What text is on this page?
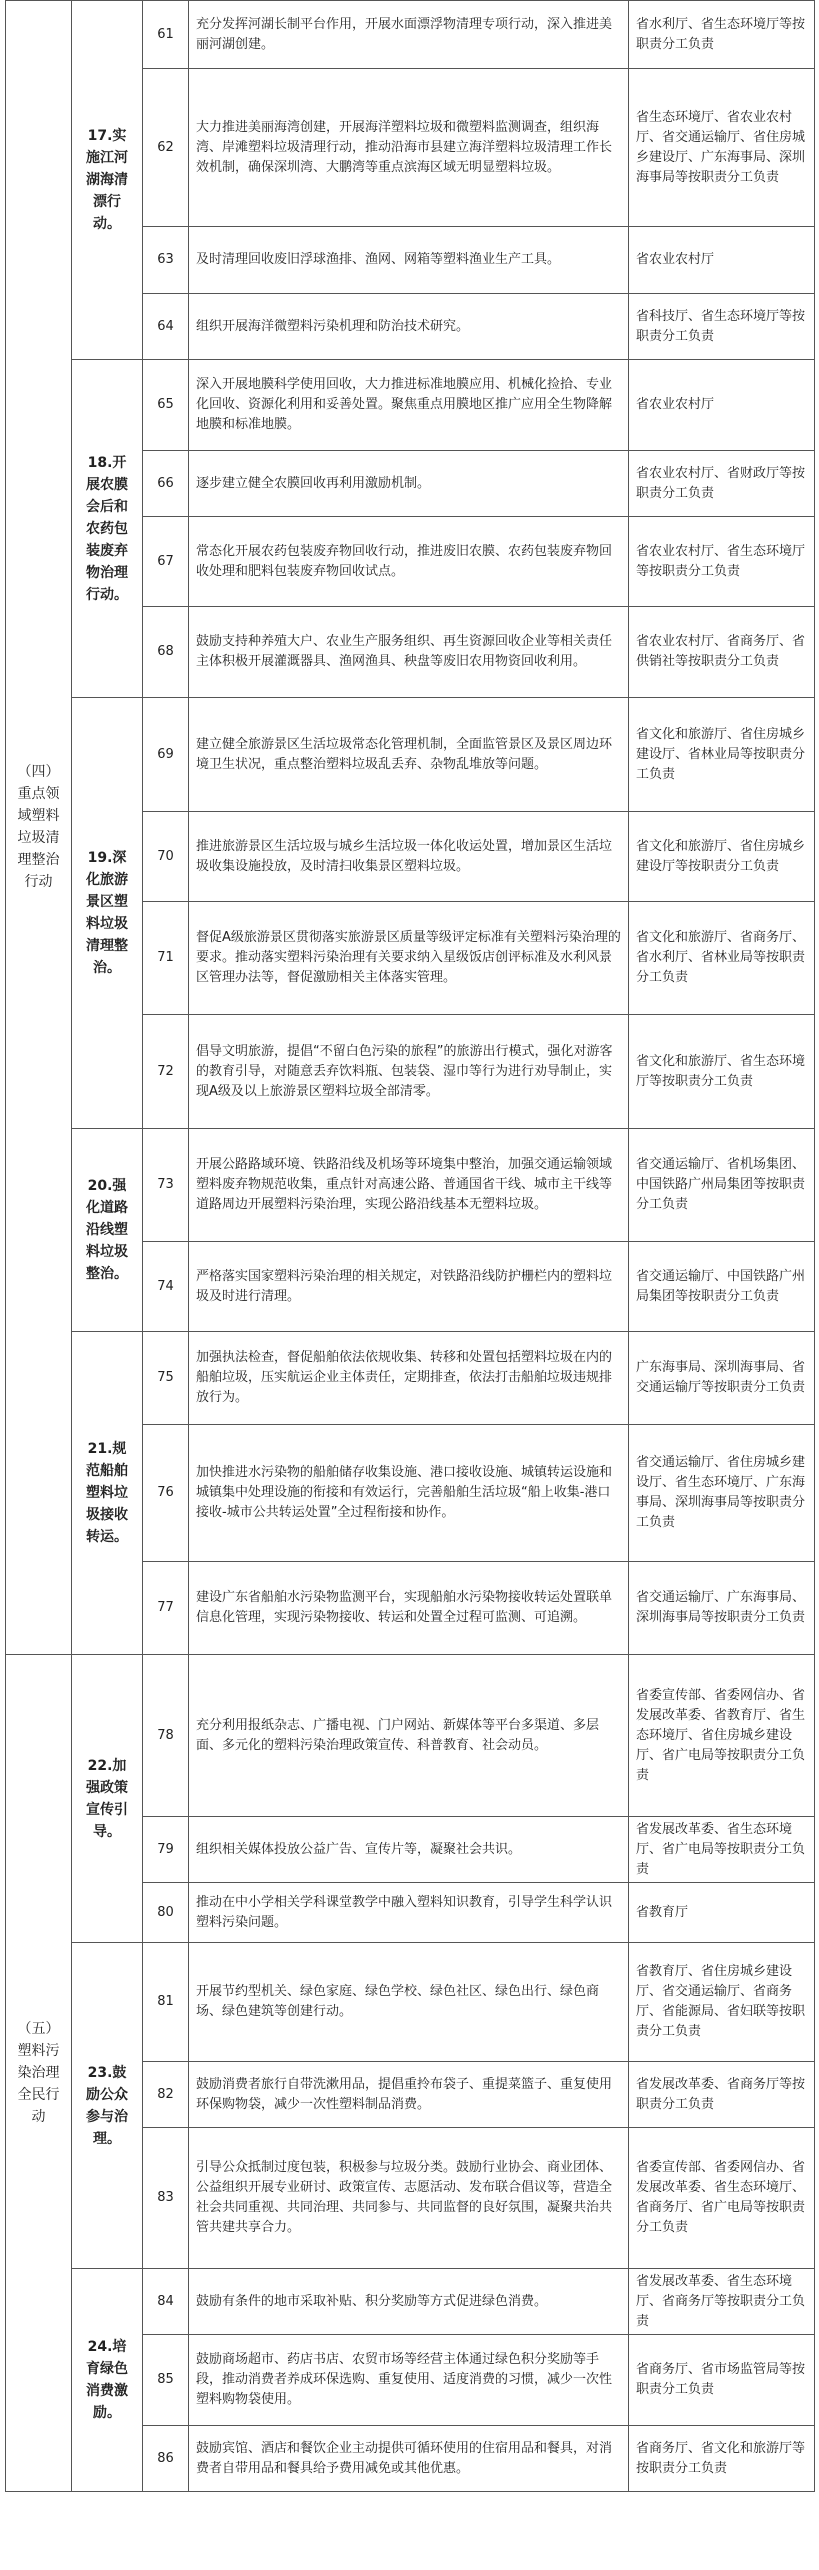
（四）重点领域塑料垃圾清理整治行动	17.实施江河湖海清漂行动。	61	充分发挥河湖长制平台作用，开展水面漂浮物清理专项行动，深入推进美丽河湖创建。	省水利厅、省生态环境厅等按职责分工负责
		62	大力推进美丽海湾创建，开展海洋塑料垃圾和微塑料监测调查，组织海湾、岸滩塑料垃圾清理行动，推动沿海市县建立海洋塑料垃圾清理工作长效机制，确保深圳湾、大鹏湾等重点滨海区域无明显塑料垃圾。	省生态环境厅、省农业农村厅、省交通运输厅、省住房城乡建设厅、广东海事局、深圳海事局等按职责分工负责
		63	及时清理回收废旧浮球渔排、渔网、网箱等塑料渔业生产工具。	省农业农村厅
		64	组织开展海洋微塑料污染机理和防治技术研究。	省科技厅、省生态环境厅等按职责分工负责
	18.开展农膜会后和农药包装废弃物治理行动。	65	深入开展地膜科学使用回收，大力推进标准地膜应用、机械化捡拾、专业化回收、资源化利用和妥善处置。聚焦重点用膜地区推广应用全生物降解地膜和标准地膜。	省农业农村厅
		66	逐步建立健全农膜回收再利用激励机制。	省农业农村厅、省财政厅等按职责分工负责
		67	常态化开展农药包装废弃物回收行动，推进废旧农膜、农药包装废弃物回收处理和肥料包装废弃物回收试点。	省农业农村厅、省生态环境厅等按职责分工负责
		68	鼓励支持种养殖大户、农业生产服务组织、再生资源回收企业等相关责任主体积极开展灌溉器具、渔网渔具、秧盘等废旧农用物资回收利用。	省农业农村厅、省商务厅、省供销社等按职责分工负责
	19.深化旅游景区塑料垃圾清理整治。	69	建立健全旅游景区生活垃圾常态化管理机制，全面监管景区及景区周边环境卫生状况，重点整治塑料垃圾乱丢弃、杂物乱堆放等问题。	省文化和旅游厅、省住房城乡建设厅、省林业局等按职责分工负责
		70	推进旅游景区生活垃圾与城乡生活垃圾一体化收运处置，增加景区生活垃圾收集设施投放，及时清扫收集景区塑料垃圾。	省文化和旅游厅、省住房城乡建设厅等按职责分工负责
		71	督促A级旅游景区贯彻落实旅游景区质量等级评定标准有关塑料污染治理的要求。推动落实塑料污染治理有关要求纳入星级饭店创评标准及水利风景区管理办法等，督促激励相关主体落实管理。	省文化和旅游厅、省商务厅、省水利厅、省林业局等按职责分工负责
		72	倡导文明旅游，提倡“不留白色污染的旅程”的旅游出行模式，强化对游客的教育引导，对随意丢弃饮料瓶、包装袋、湿巾等行为进行劝导制止，实现A级及以上旅游景区塑料垃圾全部清零。	省文化和旅游厅、省生态环境厅等按职责分工负责
	20.强化道路沿线塑料垃圾整治。	73	开展公路路域环境、铁路沿线及机场等环境集中整治，加强交通运输领域塑料废弃物规范收集，重点针对高速公路、普通国省干线、城市主干线等道路周边开展塑料污染治理，实现公路沿线基本无塑料垃圾。	省交通运输厅、省机场集团、中国铁路广州局集团等按职责分工负责
		74	严格落实国家塑料污染治理的相关规定，对铁路沿线防护栅栏内的塑料垃圾及时进行清理。	省交通运输厅、中国铁路广州局集团等按职责分工负责
	21.规范船舶塑料垃圾接收转运。	75	加强执法检查，督促船舶依法依规收集、转移和处置包括塑料垃圾在内的船舶垃圾，压实航运企业主体责任，定期排查，依法打击船舶垃圾违规排放行为。	广东海事局、深圳海事局、省交通运输厅等按职责分工负责
		76	加快推进水污染物的船舶储存收集设施、港口接收设施、城镇转运设施和城镇集中处理设施的衔接和有效运行，完善船舶生活垃圾“船上收集-港口接收-城市公共转运处置”全过程衔接和协作。	省交通运输厅、省住房城乡建设厅、省生态环境厅、广东海事局、深圳海事局等按职责分工负责
		77	建设广东省船舶水污染物监测平台，实现船舶水污染物接收转运处置联单信息化管理，实现污染物接收、转运和处置全过程可监测、可追溯。	省交通运输厅、广东海事局、深圳海事局等按职责分工负责
（五）塑料污染治理全民行动	22.加强政策宣传引导。	78	充分利用报纸杂志、广播电视、门户网站、新媒体等平台多渠道、多层面、多元化的塑料污染治理政策宣传、科普教育、社会动员。	省委宣传部、省委网信办、省发展改革委、省教育厅、省生态环境厅、省住房城乡建设厅、省广电局等按职责分工负责
		79	组织相关媒体投放公益广告、宣传片等，凝聚社会共识。	省发展改革委、省生态环境厅、省广电局等按职责分工负责
		80	推动在中小学相关学科课堂教学中融入塑料知识教育，引导学生科学认识塑料污染问题。	省教育厅
	23.鼓励公众参与治理。	81	开展节约型机关、绿色家庭、绿色学校、绿色社区、绿色出行、绿色商场、绿色建筑等创建行动。	省教育厅、省住房城乡建设厅、省交通运输厅、省商务厅、省能源局、省妇联等按职责分工负责
		82	鼓励消费者旅行自带洗漱用品，提倡重拎布袋子、重提菜篮子、重复使用环保购物袋，减少一次性塑料制品消费。	省发展改革委、省商务厅等按职责分工负责
		83	引导公众抵制过度包装，积极参与垃圾分类。鼓励行业协会、商业团体、公益组织开展专业研讨、政策宣传、志愿活动、发布联合倡议等，营造全社会共同重视、共同治理、共同参与、共同监督的良好氛围，凝聚共治共管共建共享合力。	省委宣传部、省委网信办、省发展改革委、省生态环境厅、省商务厅、省广电局等按职责分工负责
	24.培育绿色消费激励。	84	鼓励有条件的地市采取补贴、积分奖励等方式促进绿色消费。	省发展改革委、省生态环境厅、省商务厅等按职责分工负责
		85	鼓励商场超市、药店书店、农贸市场等经营主体通过绿色积分奖励等手段，推动消费者养成环保选购、重复使用、适度消费的习惯，减少一次性塑料购物袋使用。	省商务厅、省市场监管局等按职责分工负责
		86	鼓励宾馆、酒店和餐饮企业主动提供可循环使用的住宿用品和餐具，对消费者自带用品和餐具给予费用减免或其他优惠。	省商务厅、省文化和旅游厅等按职责分工负责
